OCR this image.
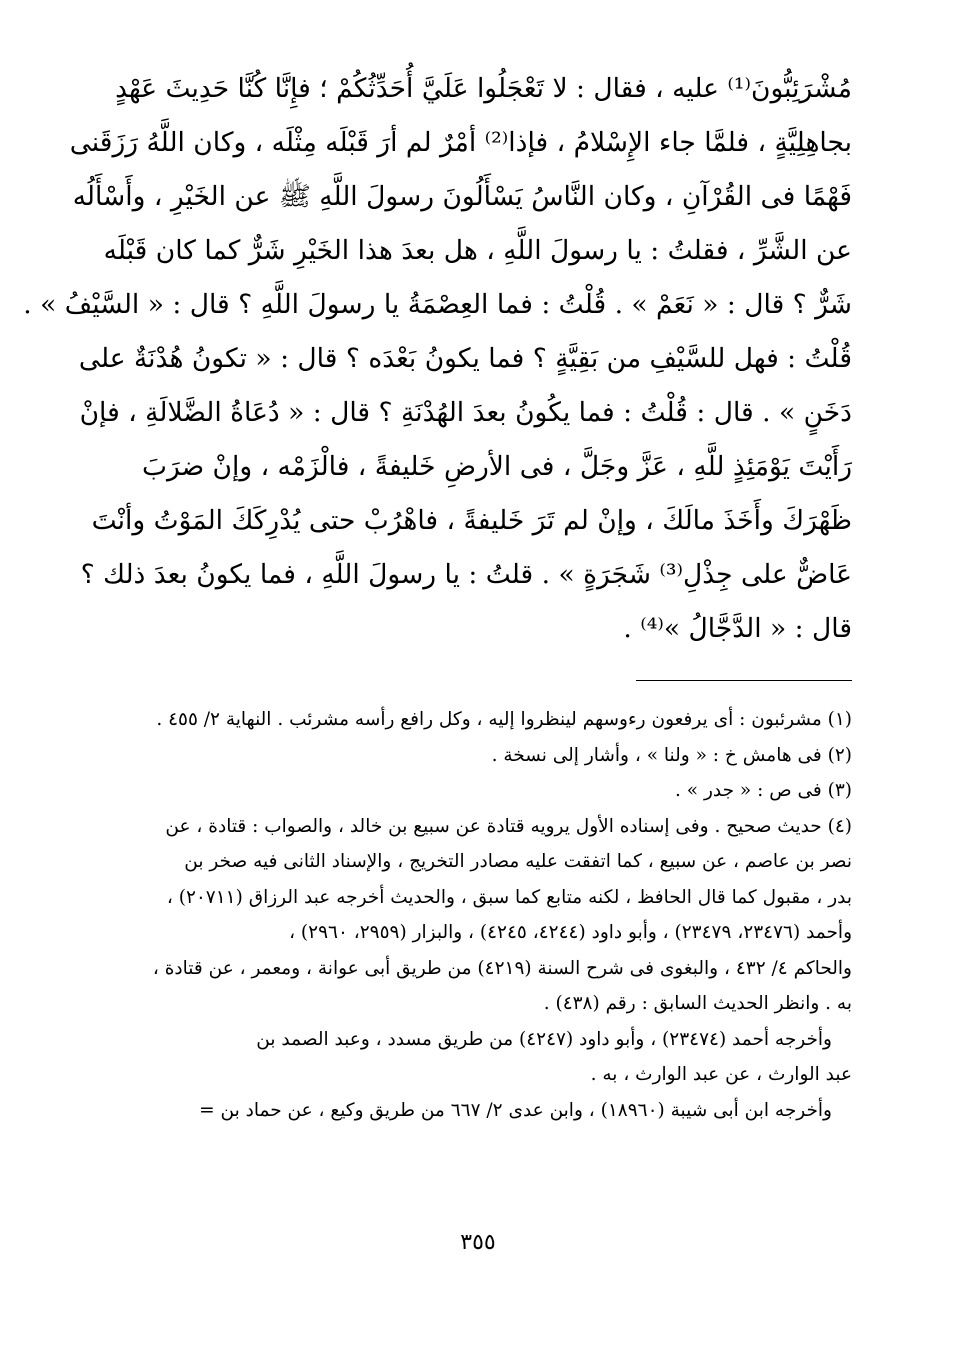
مُشْرَئِبُّونَ⁽¹⁾ عليه ، فقال : لا تَعْجَلُوا عَلَيَّ أُحَدِّثُكُمْ ؛ فإِنَّا كُنَّا حَدِيثَ عَهْدٍ

بجاهِلِيَّةٍ ، فلمَّا جاء الإِسْلامُ ، فإذا⁽²⁾ أمْرٌ لم أرَ قَبْلَه مِثْلَه ، وكان اللَّهُ رَزَقَنى

فَهْمًا فى القُرْآنِ ، وكان النَّاسُ يَسْأَلُونَ رسولَ اللَّهِ ﷺ عن الخَيْرِ ، وأَسْأَلُه

عن الشَّرِّ ، فقلتُ : يا رسولَ اللَّهِ ، هل بعدَ هذا الخَيْرِ شَرٌّ كما كان قَبْلَه

شَرٌّ ؟ قال : « نَعَمْ » . قُلْتُ : فما العِصْمَةُ يا رسولَ اللَّهِ ؟ قال : « السَّيْفُ » .

قُلْتُ : فهل للسَّيْفِ من بَقِيَّةٍ ؟ فما يكونُ بَعْدَه ؟ قال : « تكونُ هُدْنَةٌ على

دَخَنٍ » . قال : قُلْتُ : فما يكُونُ بعدَ الهُدْنَةِ ؟ قال : « دُعَاةُ الضَّلالَةِ ، فإنْ

رَأَيْتَ يَوْمَئِذٍ للَّهِ ، عَزَّ وجَلَّ ، فى الأرضِ خَليفةً ، فالْزَمْه ، وإنْ ضرَبَ

ظَهْرَكَ وأَخَذَ مالَكَ ، وإنْ لم تَرَ خَليفةً ، فاهْرُبْ حتى يُدْرِكَكَ المَوْتُ وأنْتَ

عَاضٌّ على جِذْلِ⁽³⁾ شَجَرَةٍ » . قلتُ : يا رسولَ اللَّهِ ، فما يكونُ بعدَ ذلك ؟

قال : « الدَّجَّالُ »⁽⁴⁾ .

(١) مشرئبون : أى يرفعون رءوسهم لينظروا إليه ، وكل رافع رأسه مشرئب . النهاية ٢/ ٤٥٥ .

(٢) فى هامش خ : « ولنا » ، وأشار إلى نسخة .

(٣) فى ص : « جدر » .

(٤) حديث صحيح . وفى إسناده الأول يرويه قتادة عن سبيع بن خالد ، والصواب : قتادة ، عن

نصر بن عاصم ، عن سبيع ، كما اتفقت عليه مصادر التخريج ، والإسناد الثانى فيه صخر بن

بدر ، مقبول كما قال الحافظ ، لكنه متابع كما سبق ، والحديث أخرجه عبد الرزاق (٢٠٧١١) ،

وأحمد (٢٣٤٧٦، ٢٣٤٧٩) ، وأبو داود (٤٢٤٤، ٤٢٤٥) ، والبزار (٢٩٥٩، ٢٩٦٠) ،

والحاكم ٤/ ٤٣٢ ، والبغوى فى شرح السنة (٤٢١٩) من طريق أبى عوانة ، ومعمر ، عن قتادة ،

به . وانظر الحديث السابق : رقم (٤٣٨) .

وأخرجه أحمد (٢٣٤٧٤) ، وأبو داود (٤٢٤٧) من طريق مسدد ، وعبد الصمد بن

عبد الوارث ، عن عبد الوارث ، به .

وأخرجه ابن أبى شيبة (١٨٩٦٠) ، وابن عدى ٢/ ٦٦٧ من طريق وكيع ، عن حماد بن =

٣٥٥
